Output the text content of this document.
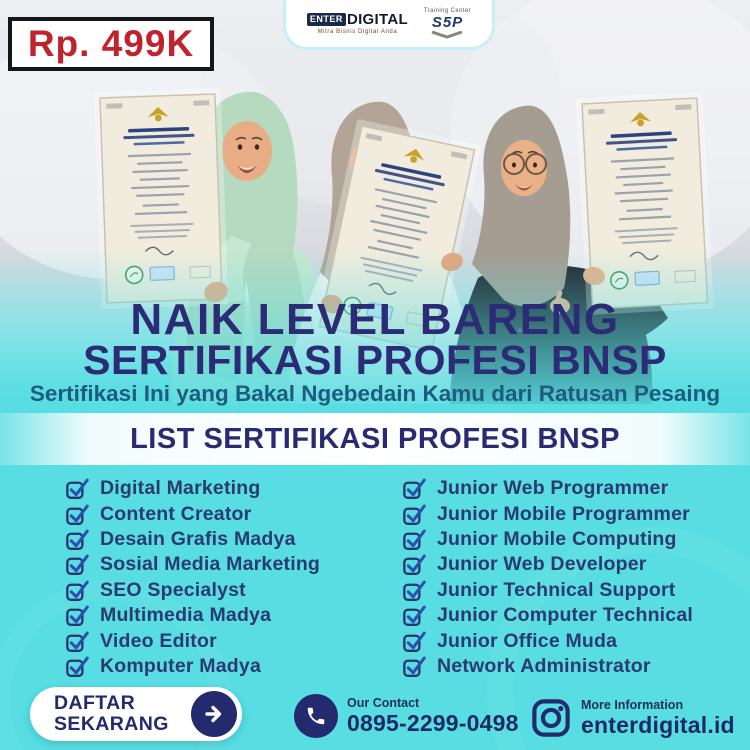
Rp. 499K
ENTER DIGITAL
Mitra Bisnis Digital Anda
Training Center
S5P
NAIK LEVEL BARENG
SERTIFIKASI PROFESI BNSP
Sertifikasi Ini yang Bakal Ngebedain Kamu dari Ratusan Pesaing
LIST SERTIFIKASI PROFESI BNSP
Digital Marketing
Content Creator
Desain Grafis Madya
Sosial Media Marketing
SEO Specialyst
Multimedia Madya
Video Editor
Komputer Madya
Junior Web Programmer
Junior Mobile Programmer
Junior Mobile Computing
Junior Web Developer
Junior Technical Support
Junior Computer Technical
Junior Office Muda
Network Administrator
DAFTAR
SEKARANG
Our Contact
0895-2299-0498
More Information
enterdigital.id
